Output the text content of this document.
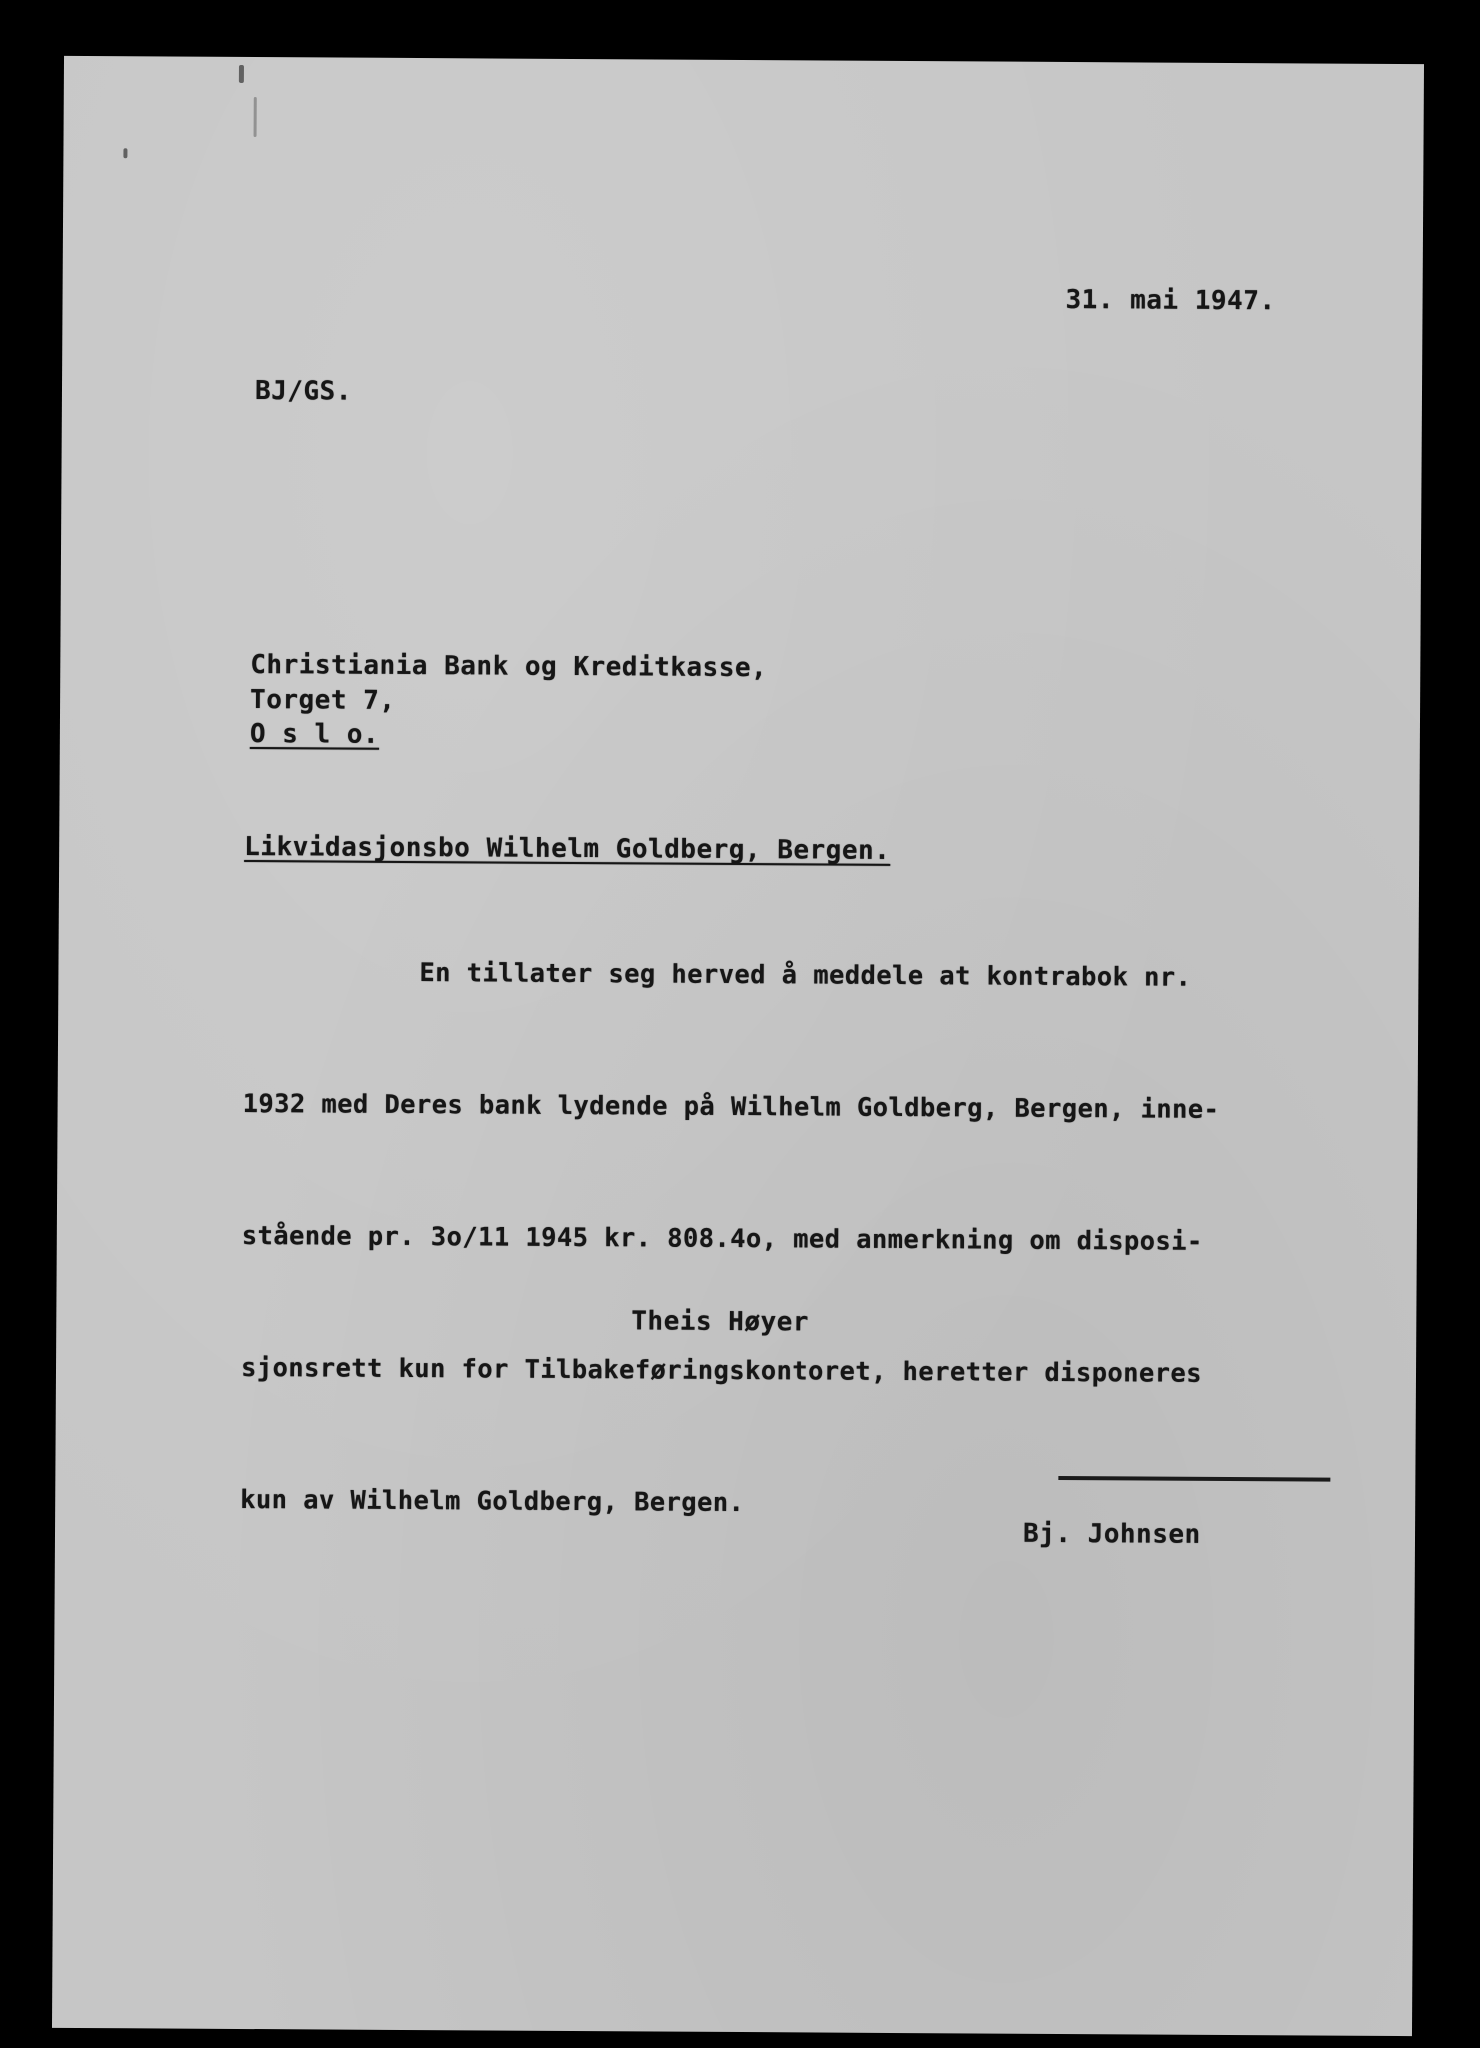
31. mai 1947.
BJ/GS.
Christiania Bank og Kreditkasse,
Torget 7,
O s l o.
Likvidasjonsbo Wilhelm Goldberg, Bergen.

En tillater seg herved å meddele at kontrabok nr.

1932 med Deres bank lydende på Wilhelm Goldberg, Bergen, inne-

stående pr. 3o/11 1945 kr. 808.4o, med anmerkning om disposi-

sjonsrett kun for Tilbakeføringskontoret, heretter disponeres

kun av Wilhelm Goldberg, Bergen.

Theis Høyer
Bj. Johnsen
